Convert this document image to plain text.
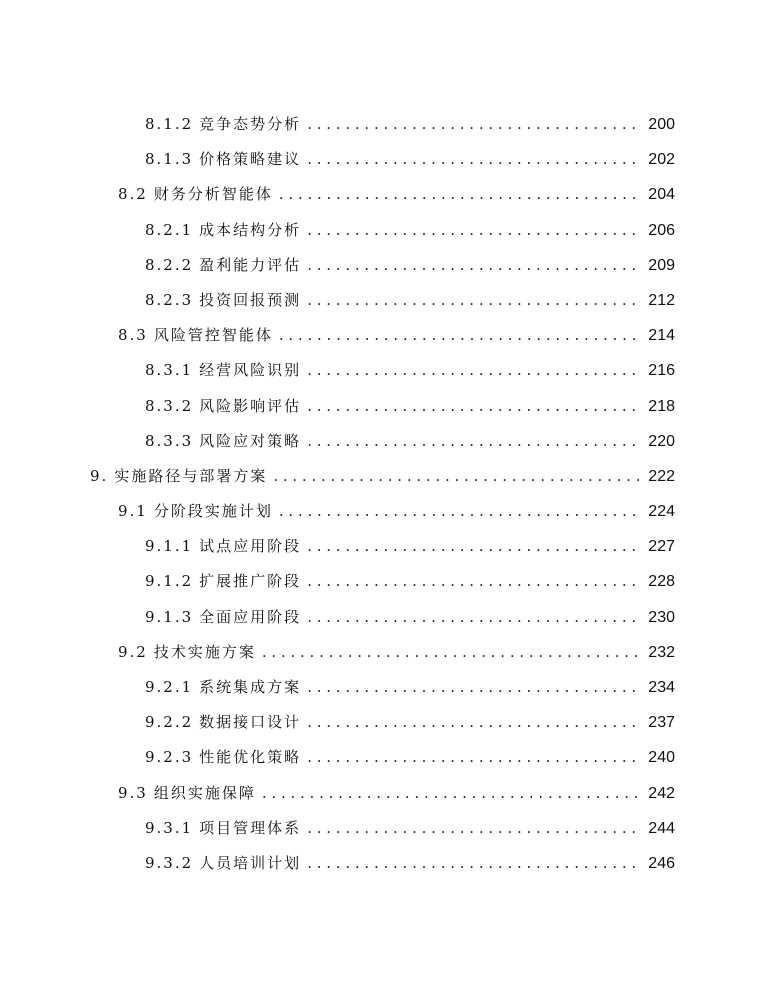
8.1.2 竞争态势分析 . . .	200
8.1.3 价格策略建议 . . .	202
8.2 财务分析智能体 . . .	204
8.2.1 成本结构分析 . . .	206
8.2.2 盈利能力评估 . . .	209
8.2.3 投资回报预测 . . .	212
8.3 风险管控智能体 . . .	214
8.3.1 经营风险识别 . . .	216
8.3.2 风险影响评估 . . .	218
8.3.3 风险应对策略 . . .	220
9. 实施路径与部署方案 . . .	222
9.1 分阶段实施计划 . . .	224
9.1.1 试点应用阶段 . . .	227
9.1.2 扩展推广阶段 . . .	228
9.1.3 全面应用阶段 . . .	230
9.2 技术实施方案 . . .	232
9.2.1 系统集成方案 . . .	234
9.2.2 数据接口设计 . . .	237
9.2.3 性能优化策略 . . .	240
9.3 组织实施保障 . . .	242
9.3.1 项目管理体系 . . .	244
9.3.2 人员培训计划 . . .	246
